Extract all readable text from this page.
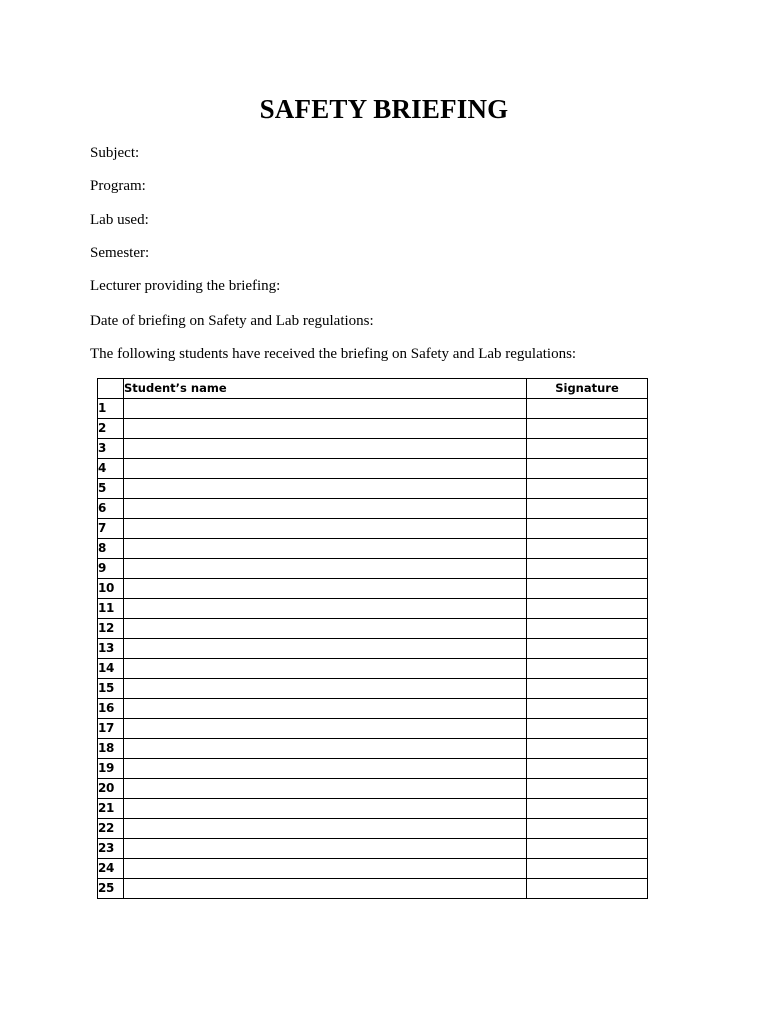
SAFETY BRIEFING
Subject:
Program:
Lab used:
Semester:
Lecturer providing the briefing:
Date of briefing on Safety and Lab regulations:
The following students have received the briefing on Safety and Lab regulations:
	Student’s name	Signature
1		
2		
3		
4		
5		
6		
7		
8		
9		
10		
11		
12		
13		
14		
15		
16		
17		
18		
19		
20		
21		
22		
23		
24		
25		
